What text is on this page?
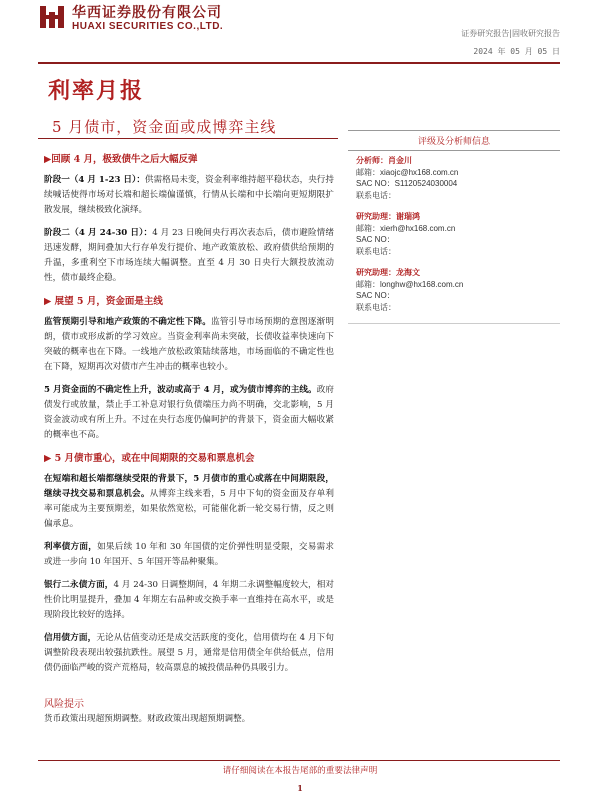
华西证券股份有限公司
HUAXI SECURITIES CO.,LTD.
证券研究报告|固收研究报告
2024 年 05 月 05 日
利率月报
5 月债市，资金面或成博弈主线
▶回顾 4 月，极致债牛之后大幅反弹

阶段一（4 月 1-23 日）：供需格局未变，资金利率维持超平稳状态，央行持续喊话使得市场对长端和超长端偏谨慎，行情从长端和中长端向更短期限扩散发展，继续极致化演绎。

阶段二（4 月 24-30 日）：4 月 23 日晚间央行再次表态后，债市避险情绪迅速发酵，期间叠加大行存单发行提价、地产政策放松、政府债供给预期的升温，多重利空下市场连续大幅调整。直至 4 月 30 日央行大额投放流动性，债市最终企稳。

▶ 展望 5 月，资金面是主线

监管预期引导和地产政策的不确定性下降。监管引导市场预期的意图逐渐明朗，债市或形成新的学习效应。当资金利率尚未突破，长债收益率快速向下突破的概率也在下降。一线地产放松政策陆续落地，市场面临的不确定性也在下降，短期再次对债市产生冲击的概率也较小。

5 月资金面的不确定性上升，波动或高于 4 月，或为债市博弈的主线。政府债发行或放量，禁止手工补息对银行负债端压力尚不明确，交北影响，5 月资金波动或有所上升。不过在央行态度仍偏呵护的背景下，资金面大幅收紧的概率也不高。

▶ 5 月债市重心，或在中间期限的交易和票息机会

在短端和超长端都继续受限的背景下，5 月债市的重心或落在中间期限段，继续寻找交易和票息机会。从博弈主线来看，5 月中下旬的资金面及存单利率可能成为主要预期差，如果依然宽松，可能催化新一轮交易行情，反之则偏承息。

利率债方面，如果后续 10 年和 30 年国债的定价弹性明显受限，交易需求或进一步向 10 年国开、5 年国开等品种聚集。

银行二永债方面，4 月 24-30 日调整期间，4 年期二永调整幅度较大，相对性价比明显提升，叠加 4 年期左右品种或交换手率一直维持在高水平，或是现阶段比较好的选择。

信用债方面，无论从估值变动还是成交活跃度的变化，信用债均在 4 月下旬调整阶段表现出较强抗跌性。展望 5 月，通常是信用债全年供给低点，信用债仍面临严峻的资产荒格局，较高票息的城投债品种仍具吸引力。

风险提示
货币政策出现超预期调整。财政政策出现超预期调整。
评级及分析师信息
分析师：肖金川
邮箱：xiaojc@hx168.com.cn
SAC NO：S1120524030004
联系电话：
研究助理：谢瑞鸿
邮箱：xierh@hx168.com.cn
SAC NO：
联系电话：
研究助理：龙海文
邮箱：longhw@hx168.com.cn
SAC NO：
联系电话：
请仔细阅读在本报告尾部的重要法律声明
1
